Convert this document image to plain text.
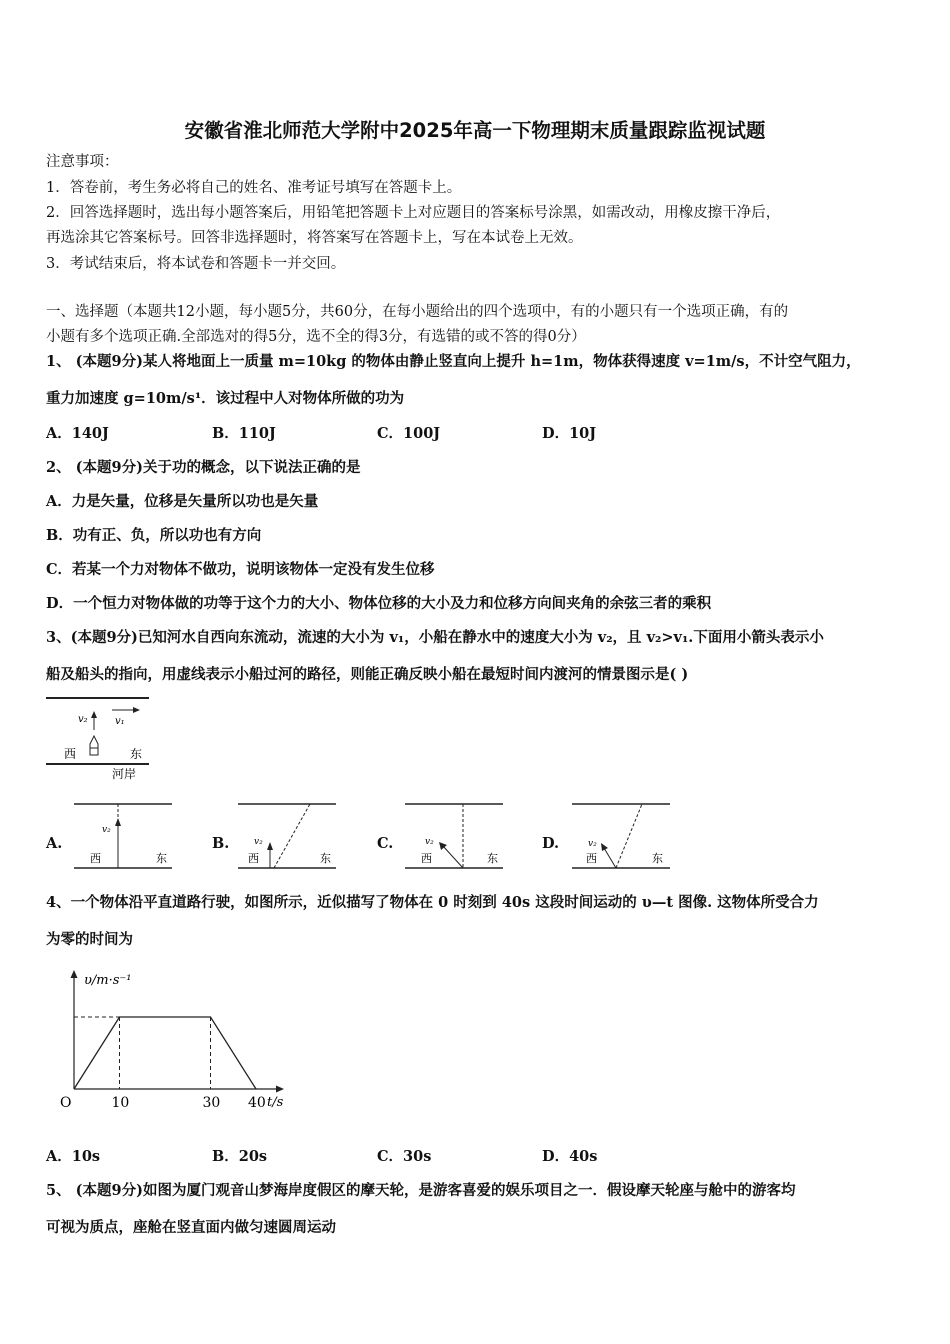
安徽省淮北师范大学附中2025年高一下物理期末质量跟踪监视试题
注意事项：
1．答卷前，考生务必将自己的姓名、准考证号填写在答题卡上。
2．回答选择题时，选出每小题答案后，用铅笔把答题卡上对应题目的答案标号涂黑，如需改动，用橡皮擦干净后，
再选涂其它答案标号。回答非选择题时，将答案写在答题卡上，写在本试卷上无效。
3．考试结束后，将本试卷和答题卡一并交回。
一、选择题（本题共12小题，每小题5分，共60分，在每小题给出的四个选项中，有的小题只有一个选项正确，有的
小题有多个选项正确.全部选对的得5分，选不全的得3分，有选错的或不答的得0分）
1、 (本题9分)某人将地面上一质量 m=10kg 的物体由静止竖直向上提升 h=1m，物体获得速度 v=1m/s，不计空气阻力，
重力加速度 g=10m/s¹．该过程中人对物体所做的功为
A．140J	B．110J	C．100J	D．10J
2、 (本题9分)关于功的概念，以下说法正确的是
A．力是矢量，位移是矢量所以功也是矢量
B．功有正、负，所以功也有方向
C．若某一个力对物体不做功，说明该物体一定没有发生位移
D．一个恒力对物体做的功等于这个力的大小、物体位移的大小及力和位移方向间夹角的余弦三者的乘积
3、(本题9分)已知河水自西向东流动，流速的大小为 v₁，小船在静水中的速度大小为 v₂，且 v₂>v₁.下面用小箭头表示小
船及船头的指向，用虚线表示小船过河的路径，则能正确反映小船在最短时间内渡河的情景图示是( )
v₂	v₁
西	东
河岸
A.	B.	C.	D.
v₂
西	东
v₂
西	东
v₂
西	东
v₂
西	东
4、一个物体沿平直道路行驶，如图所示，近似描写了物体在 0 时刻到 40s 这段时间运动的 υ—t 图像. 这物体所受合力
为零的时间为
υ/m·s⁻¹
t/s
O	10	30 40
A．10s	B．20s	C．30s	D．40s
5、 (本题9分)如图为厦门观音山梦海岸度假区的摩天轮，是游客喜爱的娱乐项目之一．假设摩天轮座与舱中的游客均
可视为质点，座舱在竖直面内做匀速圆周运动
